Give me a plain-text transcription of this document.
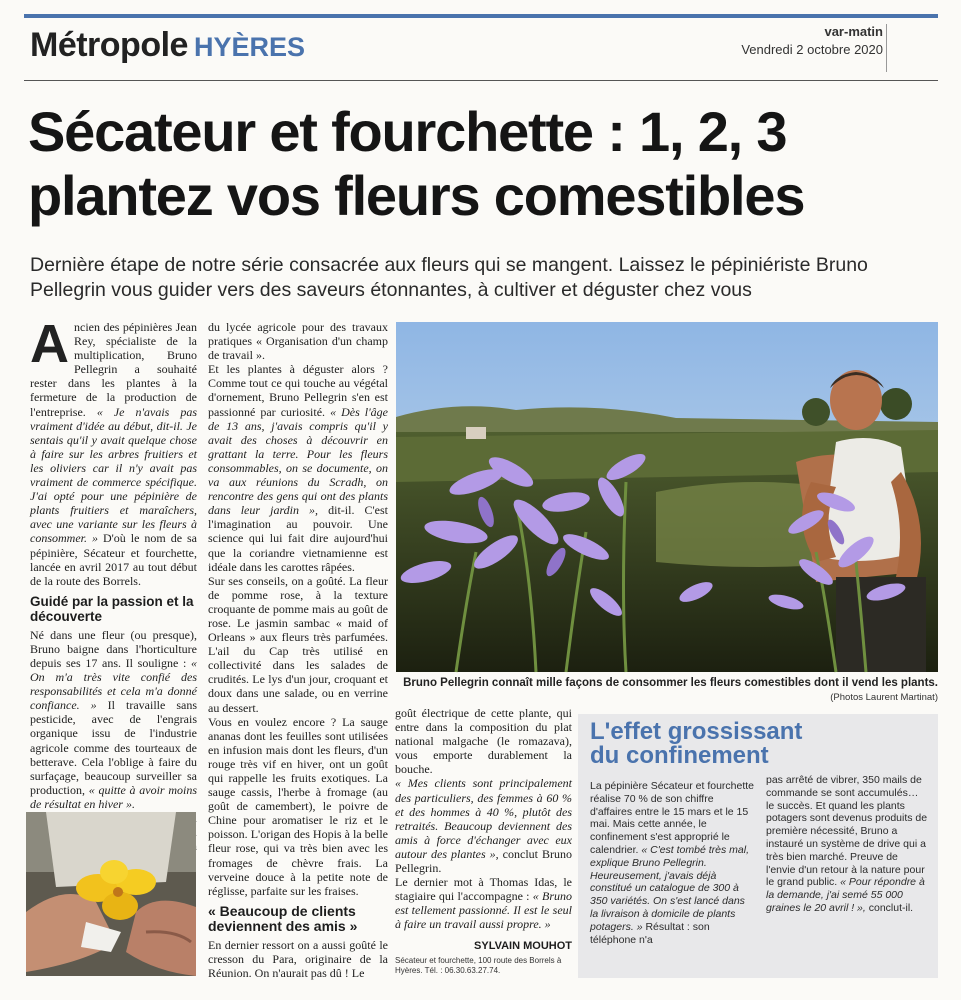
Métropole HYÈRES
var-matin
Vendredi 2 octobre 2020
Sécateur et fourchette : 1, 2, 3
plantez vos fleurs comestibles
Dernière étape de notre série consacrée aux fleurs qui se mangent. Laissez le pépiniériste Bruno Pellegrin vous guider vers des saveurs étonnantes, à cultiver et déguster chez vous

Ancien des pépinières Jean Rey, spécialiste de la multiplication, Bruno Pellegrin a souhaité rester dans les plantes à la fermeture de la production de l'entreprise. « Je n'avais pas vraiment d'idée au début, dit-il. Je sentais qu'il y avait quelque chose à faire sur les arbres fruitiers et les oliviers car il n'y avait pas vraiment de commerce spécifique. J'ai opté pour une pépinière de plants fruitiers et maraîchers, avec une variante sur les fleurs à consommer. » D'où le nom de sa pépinière, Sécateur et fourchette, lancée en avril 2017 au tout début de la route des Borrels.

Guidé par la passion et la découverte

Né dans une fleur (ou presque), Bruno baigne dans l'horticulture depuis ses 17 ans. Il souligne : « On m'a très vite confié des responsabilités et cela m'a donné confiance. » Il travaille sans pesticide, avec de l'engrais organique issu de l'industrie agricole comme des tourteaux de betterave. Cela l'oblige à faire du surfaçage, beaucoup surveiller sa production, « quitte à avoir moins de résultat en hiver ».

du lycée agricole pour des travaux pratiques « Organisation d'un champ de travail ».

Et les plantes à déguster alors ? Comme tout ce qui touche au végétal d'ornement, Bruno Pellegrin s'en est passionné par curiosité. « Dès l'âge de 13 ans, j'avais compris qu'il y avait des choses à découvrir en grattant la terre. Pour les fleurs consommables, on se documente, on va aux réunions du Scradh, on rencontre des gens qui ont des plants dans leur jardin », dit-il. C'est l'imagination au pouvoir. Une science qui lui fait dire aujourd'hui que la coriandre vietnamienne est idéale dans les carottes râpées.

Sur ses conseils, on a goûté. La fleur de pomme rose, à la texture croquante de pomme mais au goût de rose. Le jasmin sambac « maid of Orleans » aux fleurs très parfumées. L'ail du Cap très utilisé en collectivité dans les salades de crudités. Le lys d'un jour, croquant et doux dans une salade, ou en verrine au dessert.

Vous en voulez encore ? La sauge ananas dont les feuilles sont utilisées en infusion mais dont les fleurs, d'un rouge très vif en hiver, ont un goût qui rappelle les fruits exotiques. La sauge cassis, l'herbe à fromage (au goût de camembert), le poivre de Chine pour aromatiser le riz et le poisson. L'origan des Hopis à la belle fleur rose, qui va très bien avec les fromages de chèvre frais. La verveine douce à la petite note de réglisse, parfaite sur les fraises.

« Beaucoup de clients deviennent des amis »

En dernier ressort on a aussi goûté le cresson du Para, originaire de la Réunion. On n'aurait pas dû ! Le

Bruno Pellegrin connaît mille façons de consommer les fleurs comestibles dont il vend les plants.
(Photos Laurent Martinat)

goût électrique de cette plante, qui entre dans la composition du plat national malgache (le romazava), vous emporte durablement la bouche.

« Mes clients sont principalement des particuliers, des femmes à 60 % et des hommes à 40 %, plutôt des retraités. Beaucoup deviennent des amis à force d'échanger avec eux autour des plantes », conclut Bruno Pellegrin.

Le dernier mot à Thomas Idas, le stagiaire qui l'accompagne : « Bruno est tellement passionné. Il est le seul à faire un travail aussi propre. »

SYLVAIN MOUHOT
Sécateur et fourchette, 100 route des Borrels à Hyères. Tél. : 06.30.63.27.74.
L'effet grossissant
du confinement
La pépinière Sécateur et fourchette réalise 70 % de son chiffre d'affaires entre le 15 mars et le 15 mai. Mais cette année, le confinement s'est approprié le calendrier. « C'est tombé très mal, explique Bruno Pellegrin. Heureusement, j'avais déjà constitué un catalogue de 300 à 350 variétés. On s'est lancé dans la livraison à domicile de plants potagers. » Résultat : son téléphone n'a
pas arrêté de vibrer, 350 mails de commande se sont accumulés… le succès. Et quand les plants potagers sont devenus produits de première nécessité, Bruno a instauré un système de drive qui a très bien marché. Preuve de l'envie d'un retour à la nature pour le grand public. « Pour répondre à la demande, j'ai semé 55 000 graines le 20 avril ! », conclut-il.
